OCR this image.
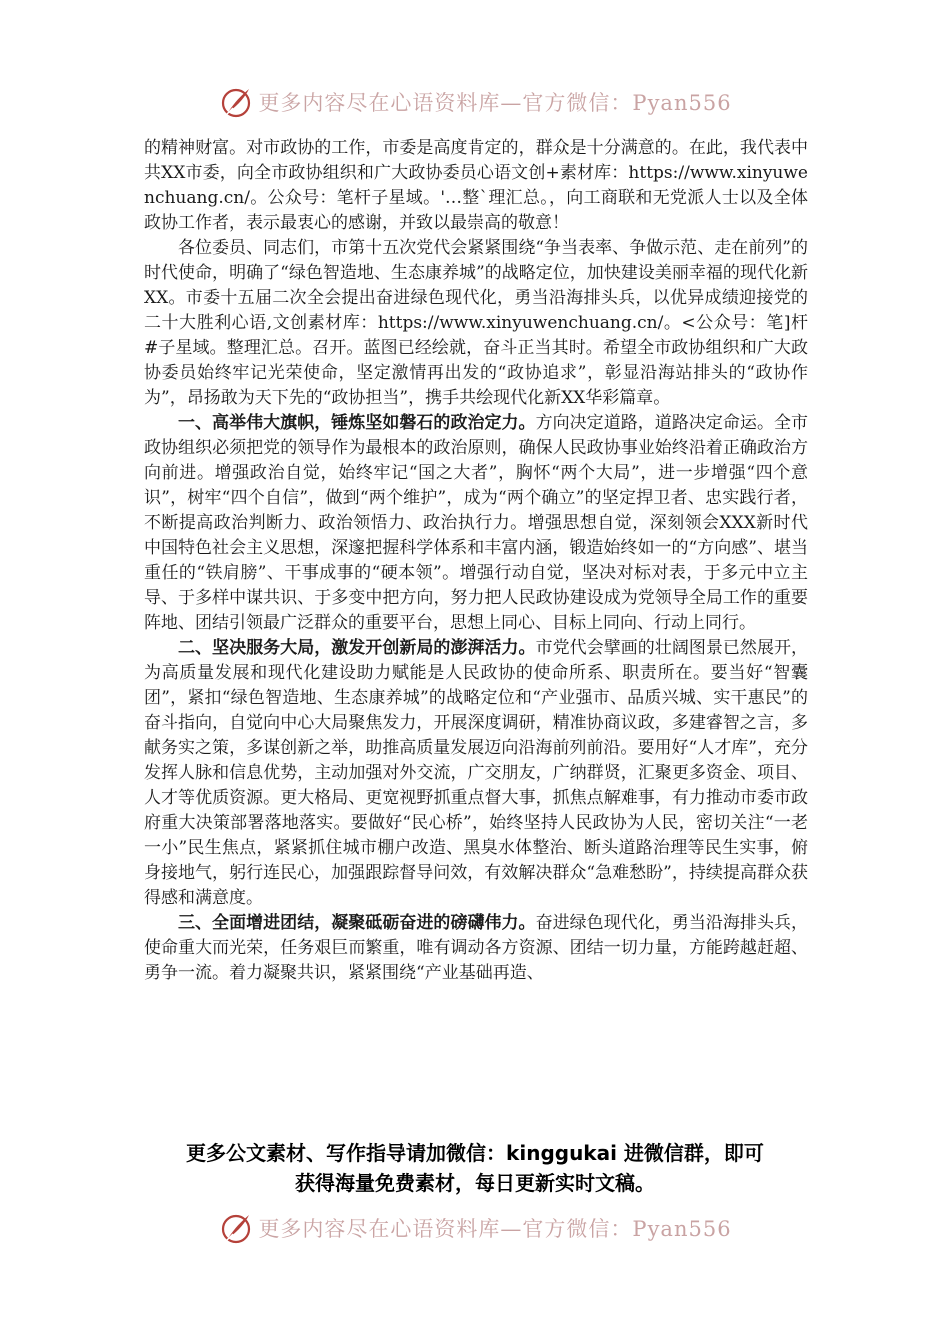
更多内容尽在心语资料库—官方微信：Pyan556

的精神财富。对市政协的工作，市委是高度肯定的，群众是十分满意的。在此，我代表中共XX市委，向全市政协组织和广大政协委员心语文创+素材库：https://www.xinyuwenchuang.cn/。公众号：笔杆子星域。'…整`理汇总。，向工商联和无党派人士以及全体政协工作者，表示最衷心的感谢，并致以最崇高的敬意！

各位委员、同志们，市第十五次党代会紧紧围绕“争当表率、争做示范、走在前列”的时代使命，明确了“绿色智造地、生态康养城”的战略定位，加快建设美丽幸福的现代化新XX。市委十五届二次全会提出奋进绿色现代化，勇当沿海排头兵，以优异成绩迎接党的二十大胜利心语,文创素材库：https://www.xinyuwenchuang.cn/。<公众号：笔]杆#子星域。整理汇总。召开。蓝图已经绘就，奋斗正当其时。希望全市政协组织和广大政协委员始终牢记光荣使命，坚定激情再出发的“政协追求”，彰显沿海站排头的“政协作为”，昂扬敢为天下先的“政协担当”，携手共绘现代化新XX华彩篇章。

一、高举伟大旗帜，锤炼坚如磐石的政治定力。方向决定道路，道路决定命运。全市政协组织必须把党的领导作为最根本的政治原则，确保人民政协事业始终沿着正确政治方向前进。增强政治自觉，始终牢记“国之大者”，胸怀“两个大局”，进一步增强“四个意识”，树牢“四个自信”，做到“两个维护”，成为“两个确立”的坚定捍卫者、忠实践行者，不断提高政治判断力、政治领悟力、政治执行力。增强思想自觉，深刻领会XXX新时代中国特色社会主义思想，深邃把握科学体系和丰富内涵，锻造始终如一的“方向感”、堪当重任的“铁肩膀”、干事成事的“硬本领”。增强行动自觉，坚决对标对表，于多元中立主导、于多样中谋共识、于多变中把方向，努力把人民政协建设成为党领导全局工作的重要阵地、团结引领最广泛群众的重要平台，思想上同心、目标上同向、行动上同行。

二、坚决服务大局，激发开创新局的澎湃活力。市党代会擘画的壮阔图景已然展开，为高质量发展和现代化建设助力赋能是人民政协的使命所系、职责所在。要当好“智囊团”，紧扣“绿色智造地、生态康养城”的战略定位和“产业强市、品质兴城、实干惠民”的奋斗指向，自觉向中心大局聚焦发力，开展深度调研，精准协商议政，多建睿智之言，多献务实之策，多谋创新之举，助推高质量发展迈向沿海前列前沿。要用好“人才库”，充分发挥人脉和信息优势，主动加强对外交流，广交朋友，广纳群贤，汇聚更多资金、项目、人才等优质资源。更大格局、更宽视野抓重点督大事，抓焦点解难事，有力推动市委市政府重大决策部署落地落实。要做好“民心桥”，始终坚持人民政协为人民，密切关注“一老一小”民生焦点，紧紧抓住城市棚户改造、黑臭水体整治、断头道路治理等民生实事，俯身接地气，躬行连民心，加强跟踪督导问效，有效解决群众“急难愁盼”，持续提高群众获得感和满意度。

三、全面增进团结，凝聚砥砺奋进的磅礴伟力。奋进绿色现代化，勇当沿海排头兵，使命重大而光荣，任务艰巨而繁重，唯有调动各方资源、团结一切力量，方能跨越赶超、勇争一流。着力凝聚共识，紧紧围绕“产业基础再造、

更多公文素材、写作指导请加微信：kinggukai 进微信群，即可
获得海量免费素材，每日更新实时文稿。
更多内容尽在心语资料库—官方微信：Pyan556
